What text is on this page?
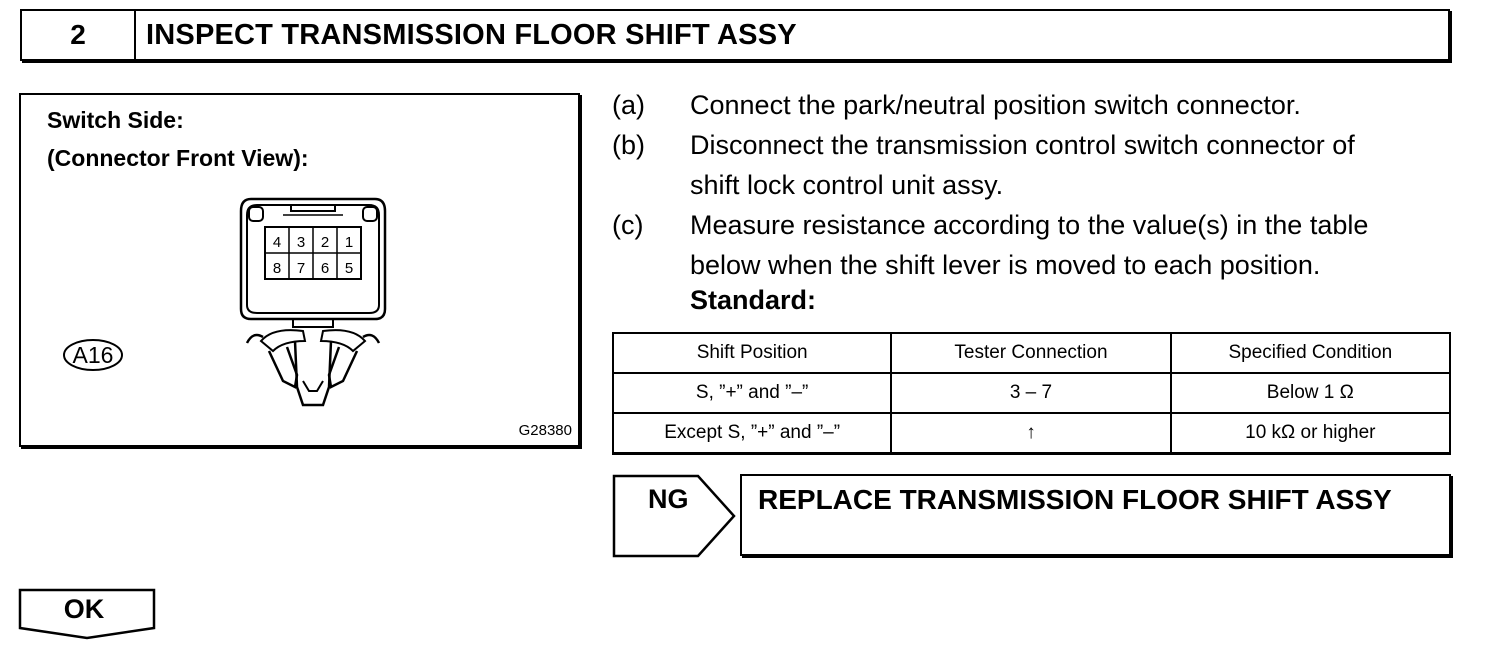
2	INSPECT TRANSMISSION FLOOR SHIFT ASSY
Switch Side:
(Connector Front View):
A16
4 3 2 1
8 7 6 5
G28380
(a)	Connect the park/neutral position switch connector.
(b)	Disconnect the transmission control switch connector of
shift lock control unit assy.
(c)	Measure resistance according to the value(s) in the table
below when the shift lever is moved to each position.
Standard:
Shift Position	Tester Connection	Specified Condition
S, ”+” and ”–”	3 – 7	Below 1 Ω
Except S, ”+” and ”–”	↑	10 kΩ or higher
NG REPLACE TRANSMISSION FLOOR SHIFT ASSY
OK
